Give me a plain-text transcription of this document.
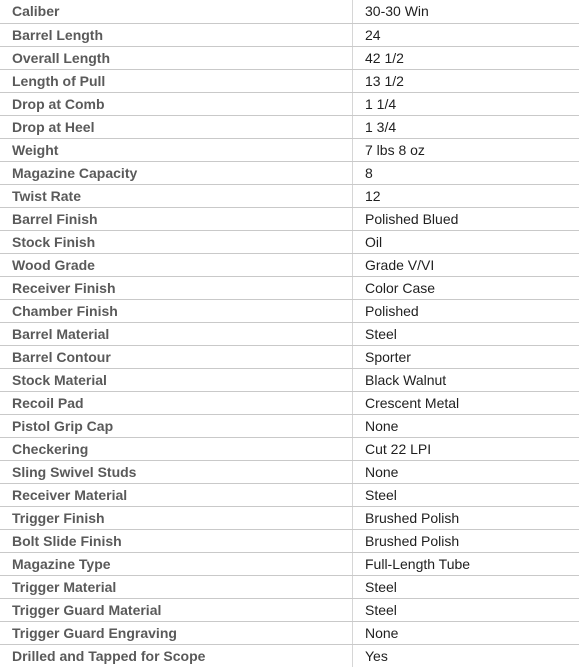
Caliber	30-30 Win
Barrel Length	24
Overall Length	42 1/2
Length of Pull	13 1/2
Drop at Comb	1 1/4
Drop at Heel	1 3/4
Weight	7 lbs 8 oz
Magazine Capacity	8
Twist Rate	12
Barrel Finish	Polished Blued
Stock Finish	Oil
Wood Grade	Grade V/VI
Receiver Finish	Color Case
Chamber Finish	Polished
Barrel Material	Steel
Barrel Contour	Sporter
Stock Material	Black Walnut
Recoil Pad	Crescent Metal
Pistol Grip Cap	None
Checkering	Cut 22 LPI
Sling Swivel Studs	None
Receiver Material	Steel
Trigger Finish	Brushed Polish
Bolt Slide Finish	Brushed Polish
Magazine Type	Full-Length Tube
Trigger Material	Steel
Trigger Guard Material	Steel
Trigger Guard Engraving	None
Drilled and Tapped for Scope	Yes
